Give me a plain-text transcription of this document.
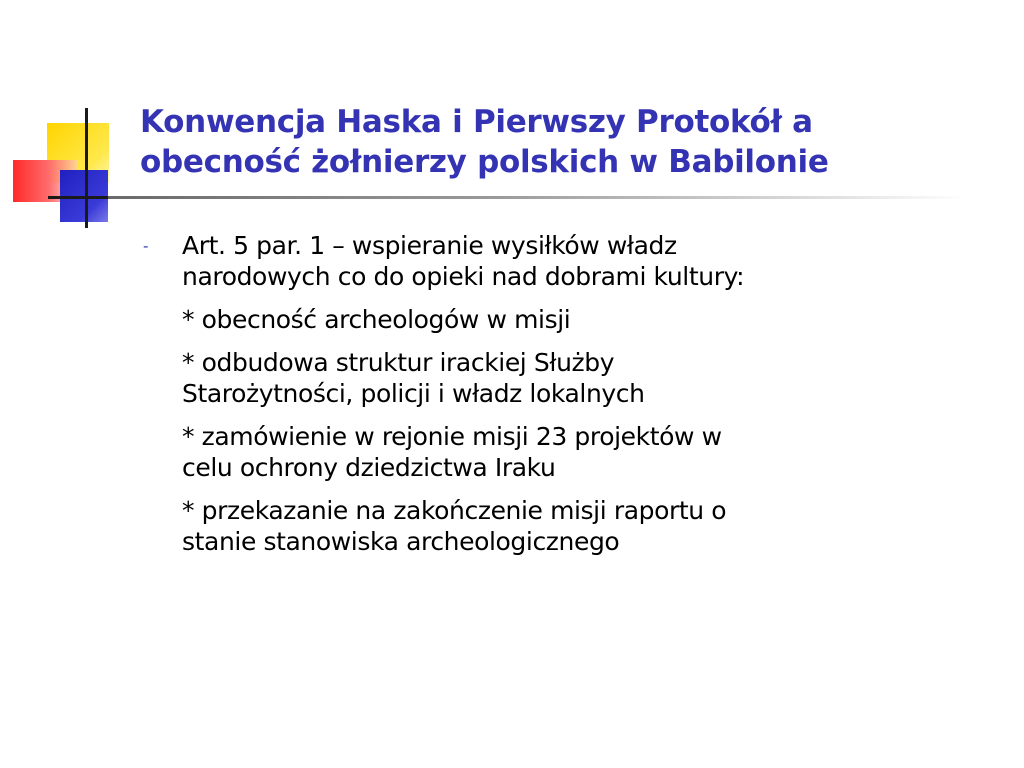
Konwencja Haska i Pierwszy Protokół a
obecność żołnierzy polskich w Babilonie
- Art. 5 par. 1 – wspieranie wysiłków władz
narodowych co do opieki nad dobrami kultury:

* obecność archeologów w misji

* odbudowa struktur irackiej Służby
Starożytności, policji i władz lokalnych

* zamówienie w rejonie misji 23 projektów w
celu ochrony dziedzictwa Iraku

* przekazanie na zakończenie misji raportu o
stanie stanowiska archeologicznego
